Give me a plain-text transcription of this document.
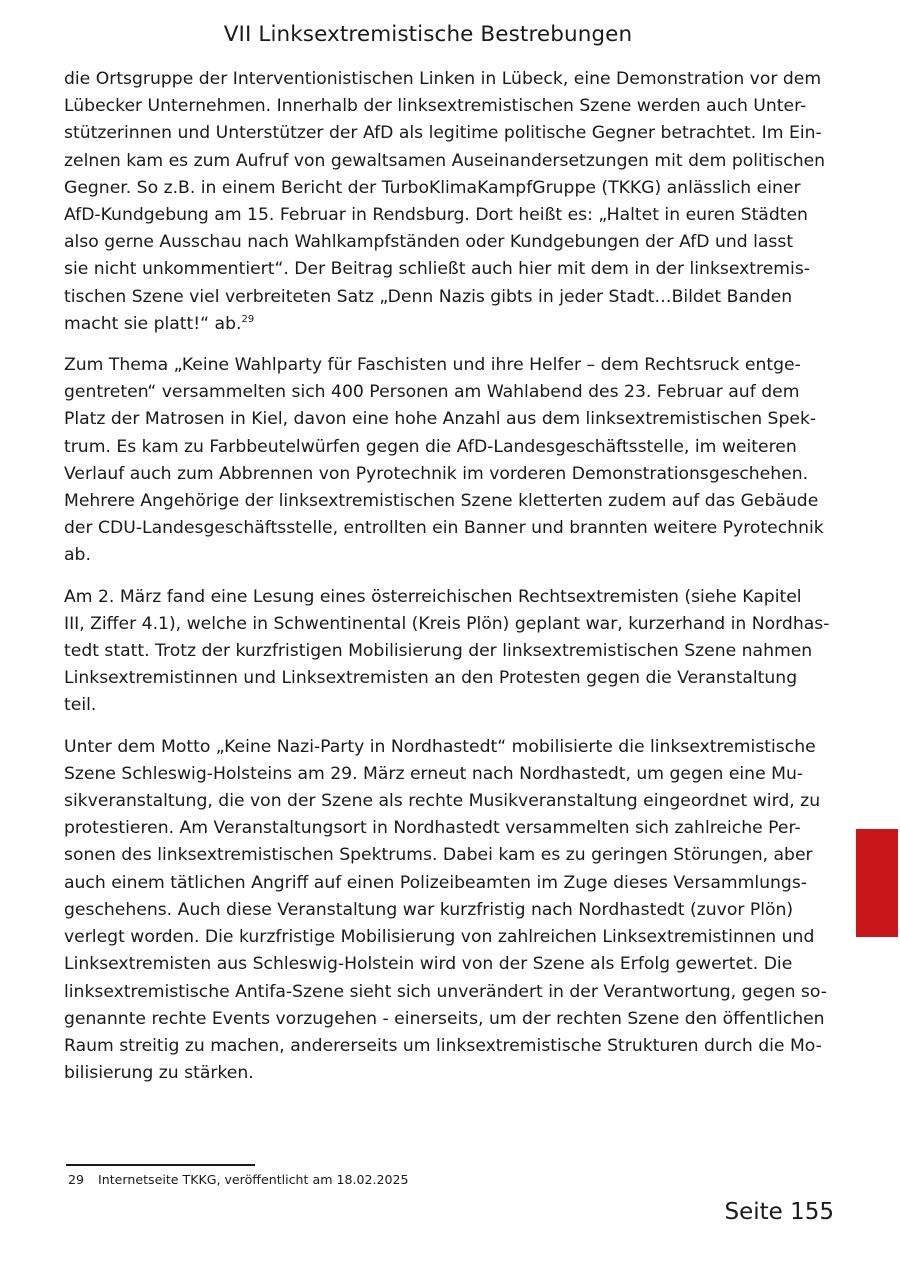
VII Linksextremistische Bestrebungen

die Ortsgruppe der Interventionistischen Linken in Lübeck, eine Demonstration vor dem

Lübecker Unternehmen. Innerhalb der linksextremistischen Szene werden auch Unter-

stützerinnen und Unterstützer der AfD als legitime politische Gegner betrachtet. Im Ein-

zelnen kam es zum Aufruf von gewaltsamen Auseinandersetzungen mit dem politischen

Gegner. So z.B. in einem Bericht der TurboKlimaKampfGruppe (TKKG) anlässlich einer

AfD-Kundgebung am 15. Februar in Rendsburg. Dort heißt es: „Haltet in euren Städten

also gerne Ausschau nach Wahlkampfständen oder Kundgebungen der AfD und lasst

sie nicht unkommentiert“. Der Beitrag schließt auch hier mit dem in der linksextremis-

tischen Szene viel verbreiteten Satz „Denn Nazis gibts in jeder Stadt…Bildet Banden

macht sie platt!“ ab.$^{29}$

Zum Thema „Keine Wahlparty für Faschisten und ihre Helfer – dem Rechtsruck entge-

gentreten“ versammelten sich 400 Personen am Wahlabend des 23. Februar auf dem

Platz der Matrosen in Kiel, davon eine hohe Anzahl aus dem linksextremistischen Spek-

trum. Es kam zu Farbbeutelwürfen gegen die AfD-Landesgeschäftsstelle, im weiteren

Verlauf auch zum Abbrennen von Pyrotechnik im vorderen Demonstrationsgeschehen.

Mehrere Angehörige der linksextremistischen Szene kletterten zudem auf das Gebäude

der CDU-Landesgeschäftsstelle, entrollten ein Banner und brannten weitere Pyrotechnik

ab.

Am 2. März fand eine Lesung eines österreichischen Rechtsextremisten (siehe Kapitel

III, Ziffer 4.1), welche in Schwentinental (Kreis Plön) geplant war, kurzerhand in Nordhas-

tedt statt. Trotz der kurzfristigen Mobilisierung der linksextremistischen Szene nahmen

Linksextremistinnen und Linksextremisten an den Protesten gegen die Veranstaltung

teil.

Unter dem Motto „Keine Nazi-Party in Nordhastedt“ mobilisierte die linksextremistische

Szene Schleswig-Holsteins am 29. März erneut nach Nordhastedt, um gegen eine Mu-

sikveranstaltung, die von der Szene als rechte Musikveranstaltung eingeordnet wird, zu

protestieren. Am Veranstaltungsort in Nordhastedt versammelten sich zahlreiche Per-

sonen des linksextremistischen Spektrums. Dabei kam es zu geringen Störungen, aber

auch einem tätlichen Angriff auf einen Polizeibeamten im Zuge dieses Versammlungs-

geschehens. Auch diese Veranstaltung war kurzfristig nach Nordhastedt (zuvor Plön)

verlegt worden. Die kurzfristige Mobilisierung von zahlreichen Linksextremistinnen und

Linksextremisten aus Schleswig-Holstein wird von der Szene als Erfolg gewertet. Die

linksextremistische Antifa-Szene sieht sich unverändert in der Verantwortung, gegen so-

genannte rechte Events vorzugehen - einerseits, um der rechten Szene den öffentlichen

Raum streitig zu machen, andererseits um linksextremistische Strukturen durch die Mo-

bilisierung zu stärken.

29 Internetseite TKKG, veröffentlicht am 18.02.2025
Seite 155
